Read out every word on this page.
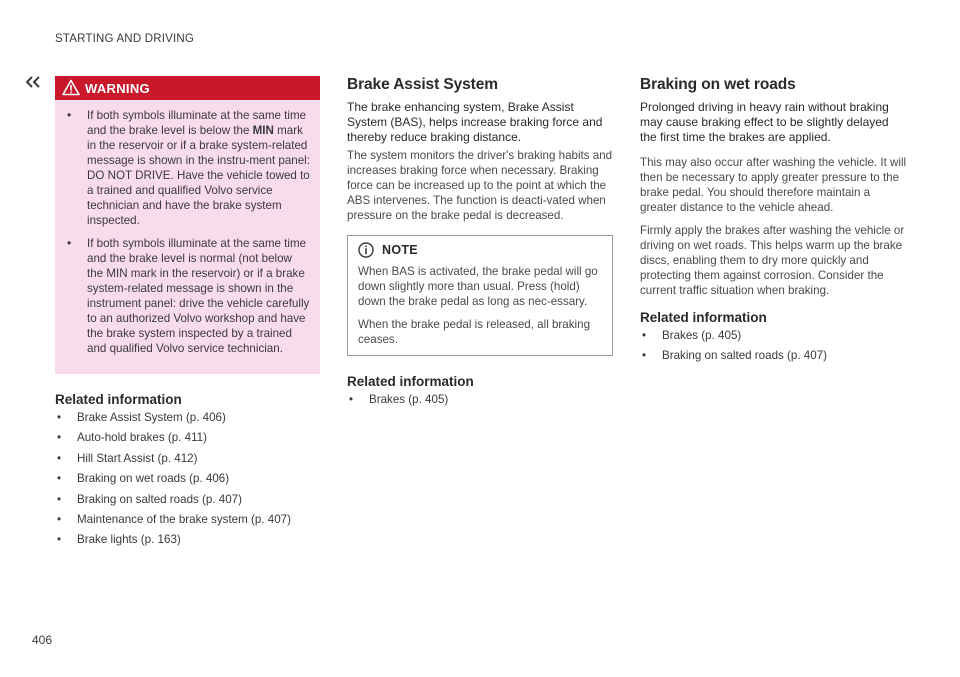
STARTING AND DRIVING
WARNING
• If both symbols illuminate at the same time and the brake level is below the MIN mark in the reservoir or if a brake system-related message is shown in the instru-ment panel: DO NOT DRIVE. Have the vehicle towed to a trained and qualified Volvo service technician and have the brake system inspected.
• If both symbols illuminate at the same time and the brake level is normal (not below the MIN mark in the reservoir) or if a brake system-related message is shown in the instrument panel: drive the vehicle carefully to an authorized Volvo workshop and have the brake system inspected by a trained and qualified Volvo service technician.
Related information
• Brake Assist System (p. 406)
• Auto-hold brakes (p. 411)
• Hill Start Assist (p. 412)
• Braking on wet roads (p. 406)
• Braking on salted roads (p. 407)
• Maintenance of the brake system (p. 407)
• Brake lights (p. 163)
Brake Assist System

The brake enhancing system, Brake Assist System (BAS), helps increase braking force and thereby reduce braking distance.

The system monitors the driver's braking habits and increases braking force when necessary. Braking force can be increased up to the point at which the ABS intervenes. The function is deacti-vated when pressure on the brake pedal is decreased.

NOTE

When BAS is activated, the brake pedal will go down slightly more than usual. Press (hold) down the brake pedal as long as nec-essary.

When the brake pedal is released, all braking ceases.

Related information
• Brakes (p. 405)
Braking on wet roads

Prolonged driving in heavy rain without braking may cause braking effect to be slightly delayed the first time the brakes are applied.

This may also occur after washing the vehicle. It will then be necessary to apply greater pressure to the brake pedal. You should therefore maintain a greater distance to the vehicle ahead.

Firmly apply the brakes after washing the vehicle or driving on wet roads. This helps warm up the brake discs, enabling them to dry more quickly and protecting them against corrosion. Consider the current traffic situation when braking.

Related information
• Brakes (p. 405)
• Braking on salted roads (p. 407)
406
